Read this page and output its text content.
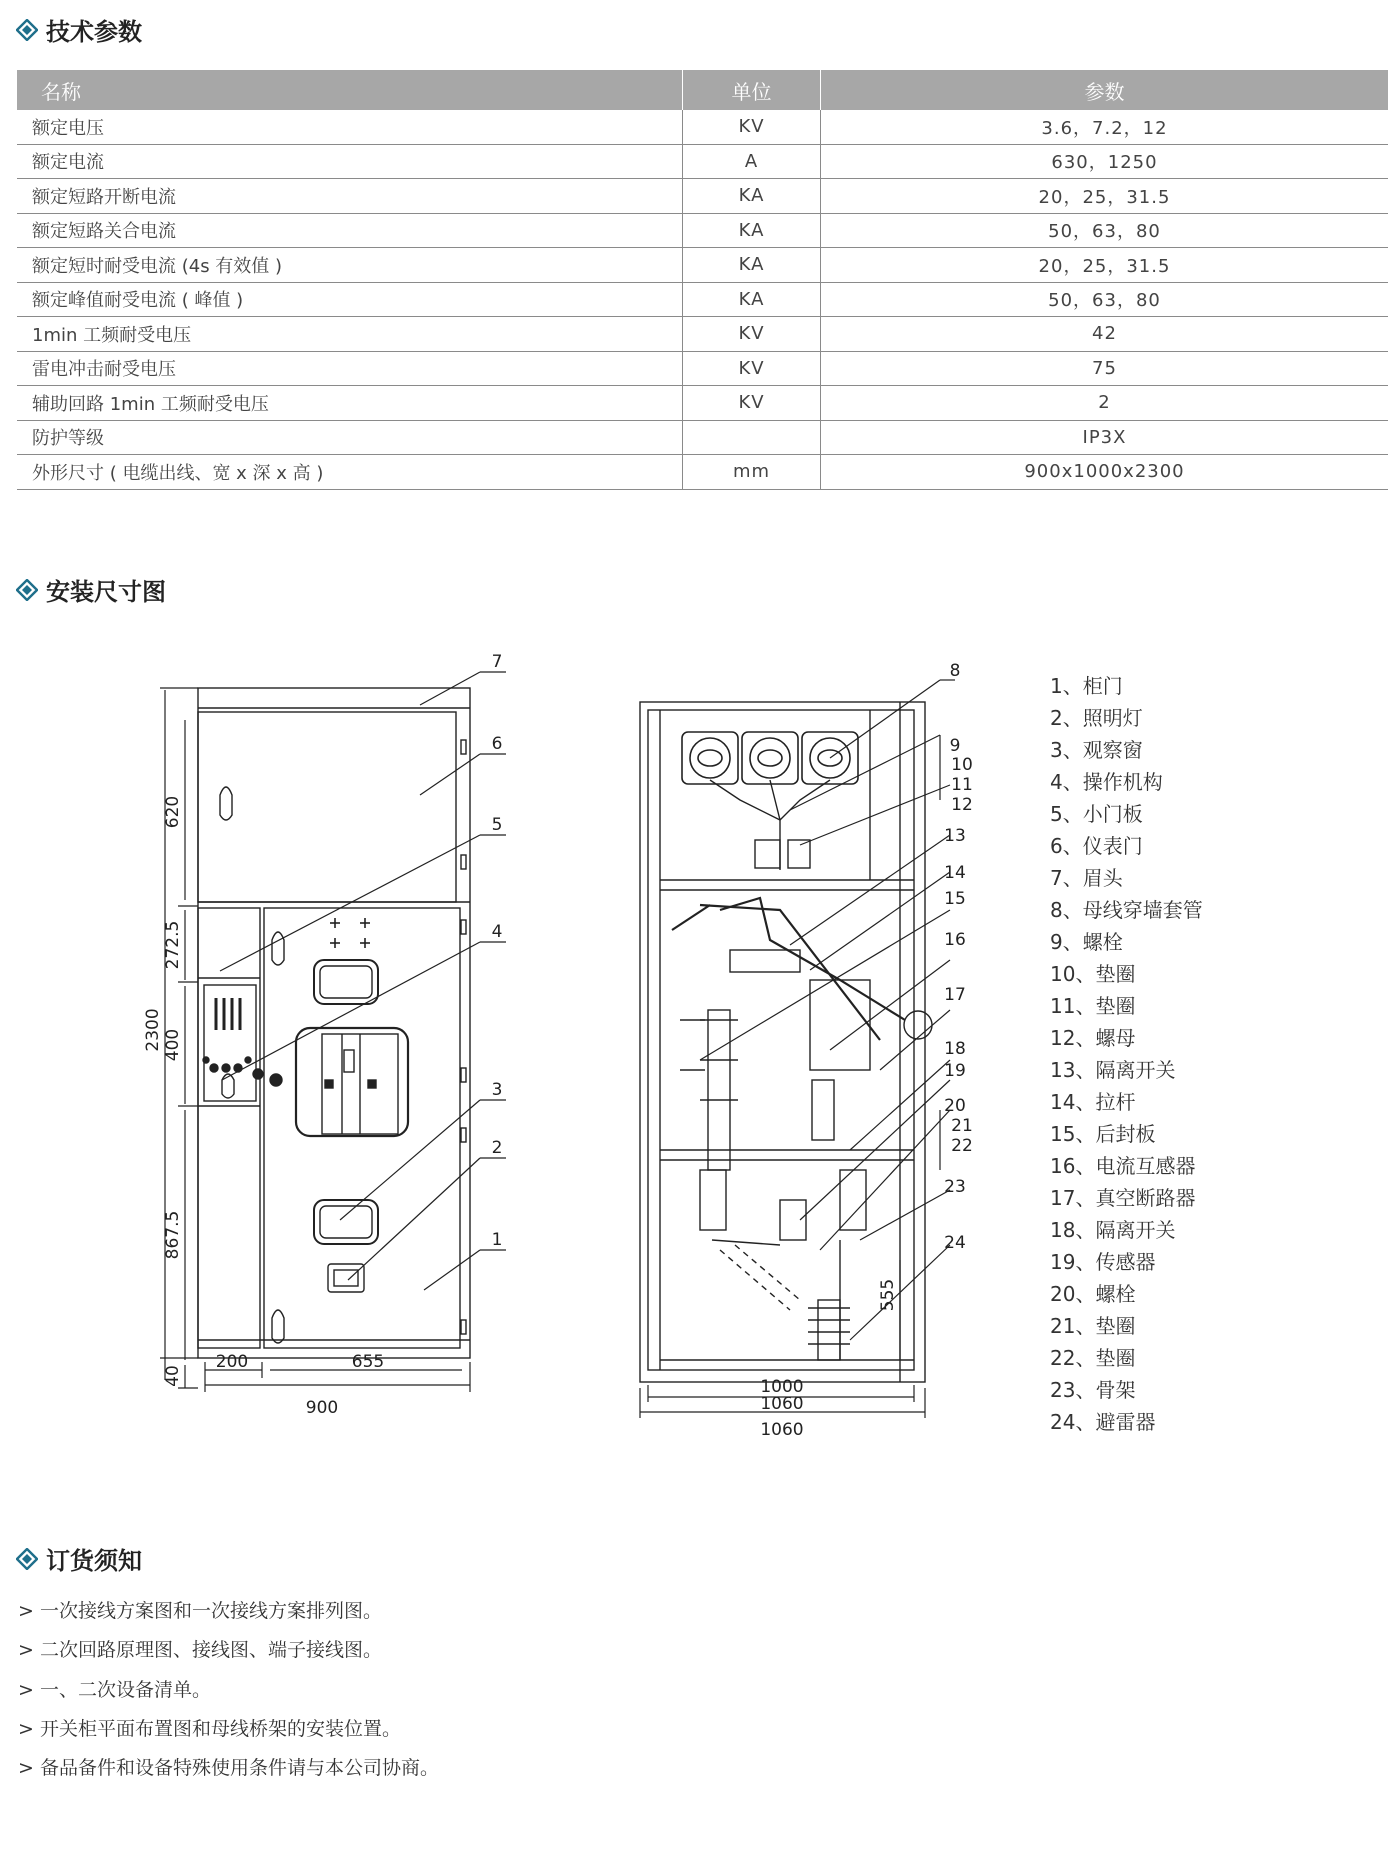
技术参数
名称	单位	参数
额定电压	KV	3.6，7.2，12
额定电流	A	630，1250
额定短路开断电流	KA	20，25，31.5
额定短路关合电流	KA	50，63，80
额定短时耐受电流 (4s 有效值 )	KA	20，25，31.5
额定峰值耐受电流 ( 峰值 )	KA	50，63，80
1min 工频耐受电压	KV	42
雷电冲击耐受电压	KV	75
辅助回路 1min 工频耐受电压	KV	2
防护等级		IP3X
外形尺寸 ( 电缆出线、宽 x 深 x 高 )	mm	900x1000x2300
安装尺寸图
620
272.5
400
867.5
40
2300
200	655
900
7
6
5
4
3
2
1
1000
1060
1060
555
8
9
10
11
12
13
14
15
16
17
18
19
20
21
22
23
24
1、柜门
2、照明灯
3、观察窗
4、操作机构
5、小门板
6、仪表门
7、眉头
8、母线穿墙套管
9、螺栓
10、垫圈
11、垫圈
12、螺母
13、隔离开关
14、拉杆
15、后封板
16、电流互感器
17、真空断路器
18、隔离开关
19、传感器
20、螺栓
21、垫圈
22、垫圈
23、骨架
24、避雷器
订货须知
> 一次接线方案图和一次接线方案排列图。
> 二次回路原理图、接线图、端子接线图。
> 一、二次设备清单。
> 开关柜平面布置图和母线桥架的安装位置。
> 备品备件和设备特殊使用条件请与本公司协商。
